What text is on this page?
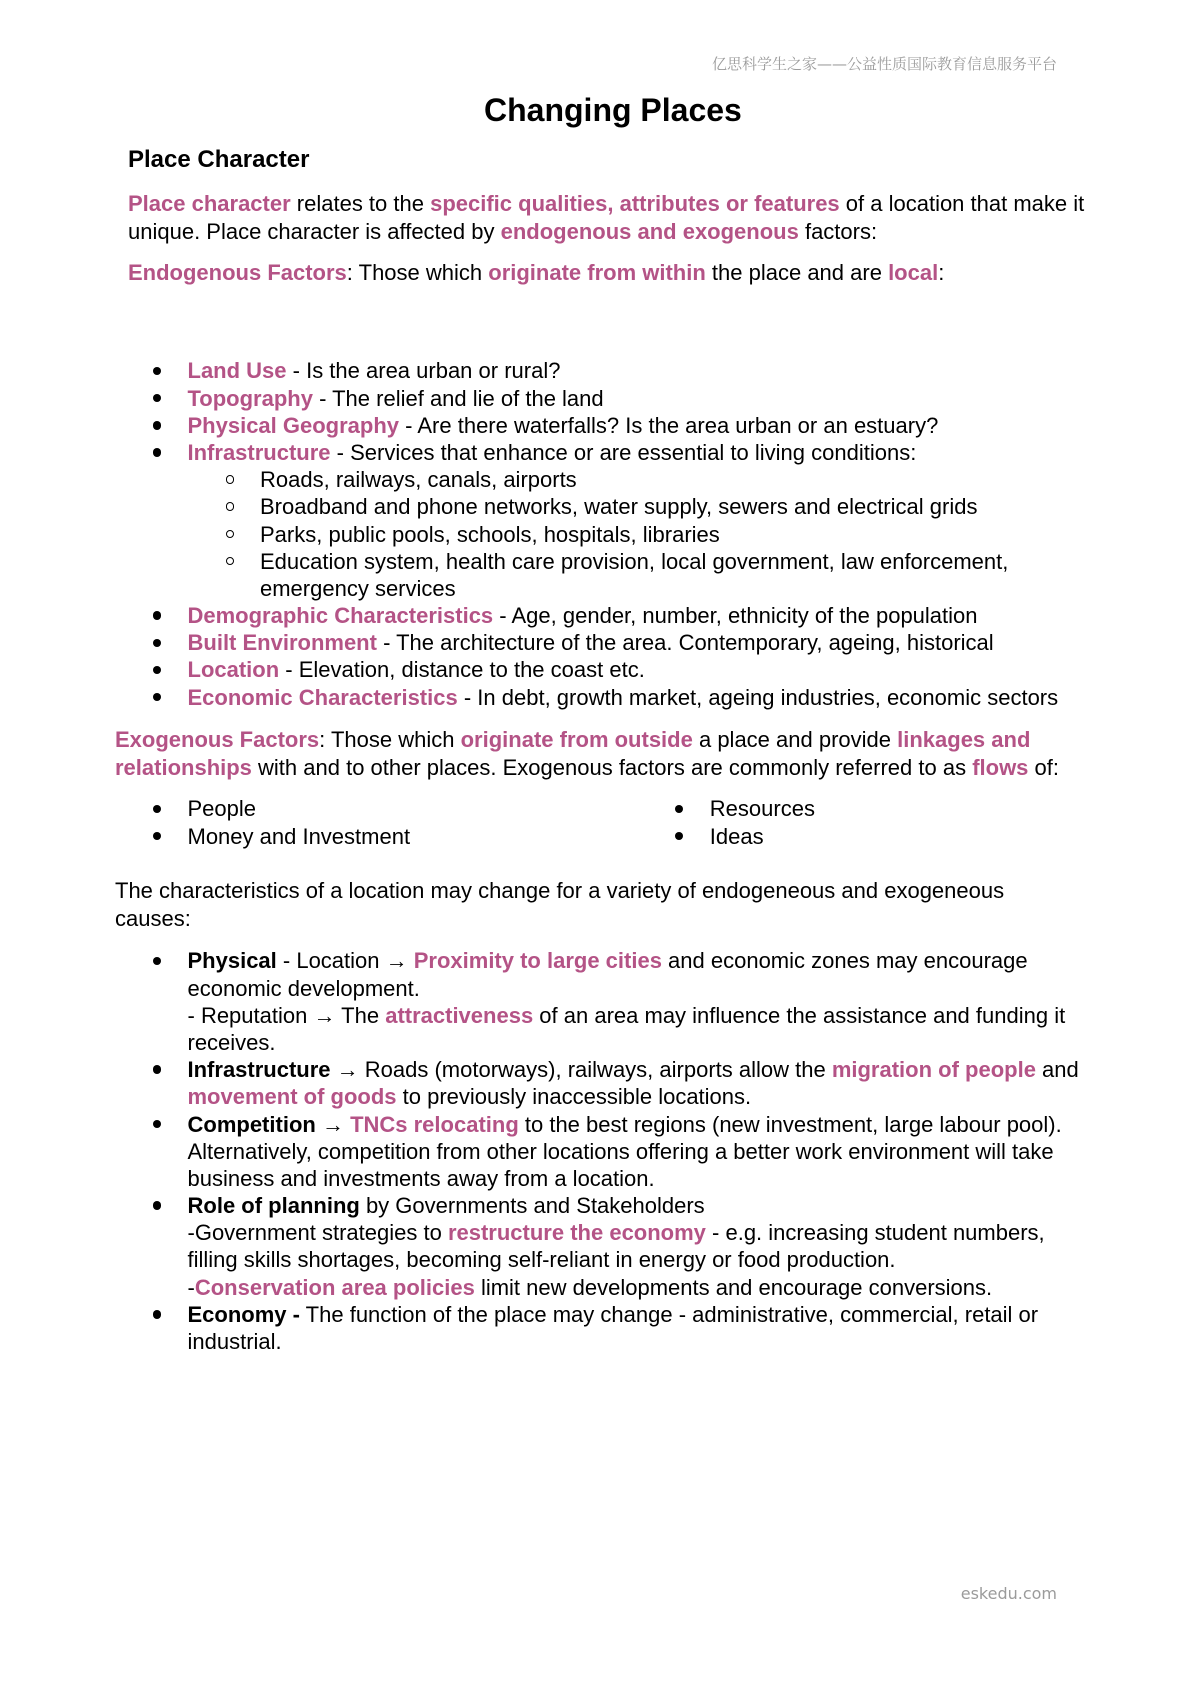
亿思科学生之家——公益性质国际教育信息服务平台
Changing Places
Place Character
Place character relates to the specific qualities, attributes or features of a location that make it
unique. Place character is affected by endogenous and exogenous factors:
Endogenous Factors : Those which originate from within the place and are local :
Land Use - Is the area urban or rural?
Topography - The relief and lie of the land
Physical Geography - Are there waterfalls? Is the area urban or an estuary?
Infrastructure - Services that enhance or are essential to living conditions:
Roads, railways, canals, airports
Broadband and phone networks, water supply, sewers and electrical grids
Parks, public pools, schools, hospitals, libraries
Education system, health care provision, local government, law enforcement,
emergency services
Demographic Characteristics - Age, gender, number, ethnicity of the population
Built Environment - The architecture of the area. Contemporary, ageing, historical
Location - Elevation, distance to the coast etc.
Economic Characteristics - In debt, growth market, ageing industries, economic sectors
Exogenous Factors : Those which originate from outside a place and provide linkages and
relationships with and to other places. Exogenous factors are commonly referred to as flows of:
People
Money and Investment
Resources
Ideas
The characteristics of a location may change for a variety of endogeneous and exogeneous
causes:
Physical - Location → Proximity to large cities and economic zones may encourage
economic development.
- Reputation → The attractiveness of an area may influence the assistance and funding it
receives.
Infrastructure → Roads (motorways), railways, airports allow the migration of people and
movement of goods to previously inaccessible locations.
Competition → TNCs relocating to the best regions (new investment, large labour pool).
Alternatively, competition from other locations offering a better work environment will take
business and investments away from a location.
Role of planning by Governments and Stakeholders
-Government strategies to restructure the economy - e.g. increasing student numbers,
filling skills shortages, becoming self-reliant in energy or food production.
- Conservation area policies limit new developments and encourage conversions.
Economy - The function of the place may change - administrative, commercial, retail or
industrial.
eskedu.com
